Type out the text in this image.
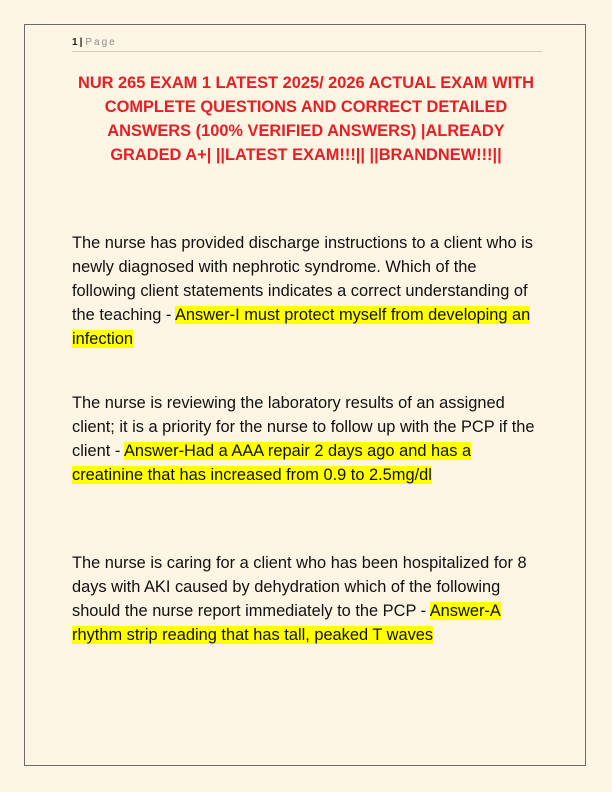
1 | Page
NUR 265 EXAM 1 LATEST 2025/ 2026 ACTUAL EXAM WITH COMPLETE QUESTIONS AND CORRECT DETAILED ANSWERS (100% VERIFIED ANSWERS) |ALREADY GRADED A+| ||LATEST EXAM!!!|| ||BRANDNEW!!!||

The nurse has provided discharge instructions to a client who is newly diagnosed with nephrotic syndrome. Which of the following client statements indicates a correct understanding of the teaching - Answer-I must protect myself from developing an infection

The nurse is reviewing the laboratory results of an assigned client; it is a priority for the nurse to follow up with the PCP if the client - Answer-Had a AAA repair 2 days ago and has a creatinine that has increased from 0.9 to 2.5mg/dl

The nurse is caring for a client who has been hospitalized for 8 days with AKI caused by dehydration which of the following should the nurse report immediately to the PCP - Answer-A rhythm strip reading that has tall, peaked T waves
